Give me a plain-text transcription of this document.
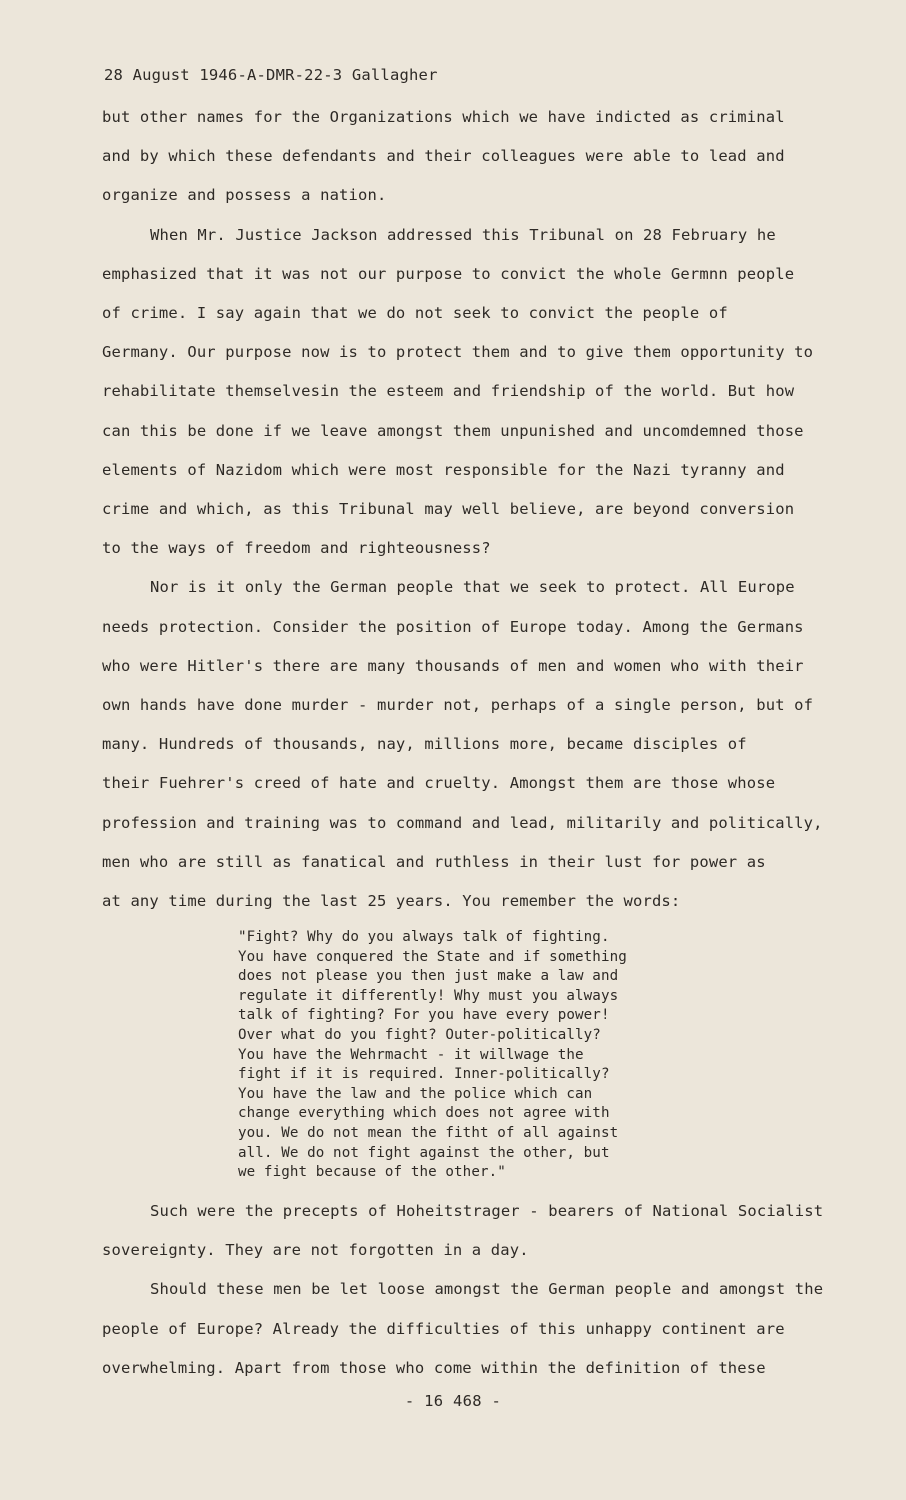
28 August 1946-A-DMR-22-3 Gallagher
but other names for the Organizations which we have indicted as criminal
and by which these defendants and their colleagues were able to lead and
organize and possess a nation.
When Mr. Justice Jackson addressed this Tribunal on 28 February he
emphasized that it was not our purpose to convict the whole Germnn people
of crime. I say again that we do not seek to convict the people of
Germany. Our purpose now is to protect them and to give them opportunity to
rehabilitate themselvesin the esteem and friendship of the world. But how
can this be done if we leave amongst them unpunished and uncomdemned those
elements of Nazidom which were most responsible for the Nazi tyranny and
crime and which, as this Tribunal may well believe, are beyond conversion
to the ways of freedom and righteousness?
Nor is it only the German people that we seek to protect. All Europe
needs protection. Consider the position of Europe today. Among the Germans
who were Hitler's there are many thousands of men and women who with their
own hands have done murder - murder not, perhaps of a single person, but of
many. Hundreds of thousands, nay, millions more, became disciples of
their Fuehrer's creed of hate and cruelty. Amongst them are those whose
profession and training was to command and lead, militarily and politically,
men who are still as fanatical and ruthless in their lust for power as
at any time during the last 25 years. You remember the words:
"Fight? Why do you always talk of fighting.
You have conquered the State and if something
does not please you then just make a law and
regulate it differently! Why must you always
talk of fighting? For you have every power!
Over what do you fight? Outer-politically?
You have the Wehrmacht - it willwage the
fight if it is required. Inner-politically?
You have the law and the police which can
change everything which does not agree with
you. We do not mean the fitht of all against
all. We do not fight against the other, but
we fight because of the other."
Such were the precepts of Hoheitstrager - bearers of National Socialist
sovereignty. They are not forgotten in a day.
Should these men be let loose amongst the German people and amongst the
people of Europe? Already the difficulties of this unhappy continent are
overwhelming. Apart from those who come within the definition of these
- 16 468 -
